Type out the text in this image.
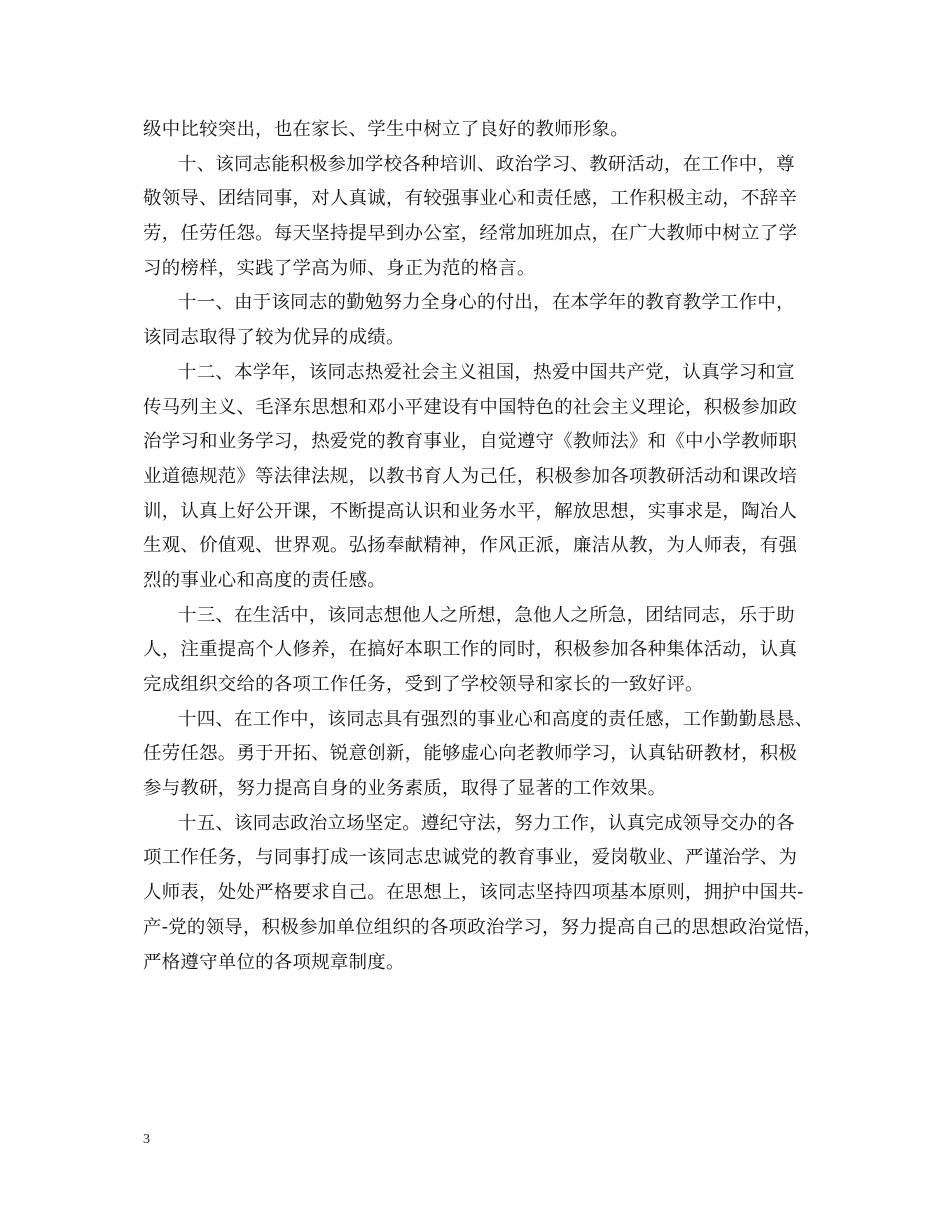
级中比较突出，也在家长、学生中树立了良好的教师形象。
十、该同志能积极参加学校各种培训、政治学习、教研活动，在工作中，尊
敬领导、团结同事，对人真诚，有较强事业心和责任感，工作积极主动，不辞辛
劳，任劳任怨。每天坚持提早到办公室，经常加班加点，在广大教师中树立了学
习的榜样，实践了学高为师、身正为范的格言。
十一、由于该同志的勤勉努力全身心的付出，在本学年的教育教学工作中，
该同志取得了较为优异的成绩。
十二、本学年，该同志热爱社会主义祖国，热爱中国共产党，认真学习和宣
传马列主义、毛泽东思想和邓小平建设有中国特色的社会主义理论，积极参加政
治学习和业务学习，热爱党的教育事业，自觉遵守《教师法》和《中小学教师职
业道德规范》等法律法规，以教书育人为己任，积极参加各项教研活动和课改培
训，认真上好公开课，不断提高认识和业务水平，解放思想，实事求是，陶冶人
生观、价值观、世界观。弘扬奉献精神，作风正派，廉洁从教，为人师表，有强
烈的事业心和高度的责任感。
十三、在生活中，该同志想他人之所想，急他人之所急，团结同志，乐于助
人，注重提高个人修养，在搞好本职工作的同时，积极参加各种集体活动，认真
完成组织交给的各项工作任务，受到了学校领导和家长的一致好评。
十四、在工作中，该同志具有强烈的事业心和高度的责任感，工作勤勤恳恳、
任劳任怨。勇于开拓、锐意创新，能够虚心向老教师学习，认真钻研教材，积极
参与教研，努力提高自身的业务素质，取得了显著的工作效果。
十五、该同志政治立场坚定。遵纪守法，努力工作，认真完成领导交办的各
项工作任务，与同事打成一该同志忠诚党的教育事业，爱岗敬业、严谨治学、为
人师表，处处严格要求自己。在思想上，该同志坚持四项基本原则，拥护中国共-
产-党的领导，积极参加单位组织的各项政治学习，努力提高自己的思想政治觉悟，
严格遵守单位的各项规章制度。
3
